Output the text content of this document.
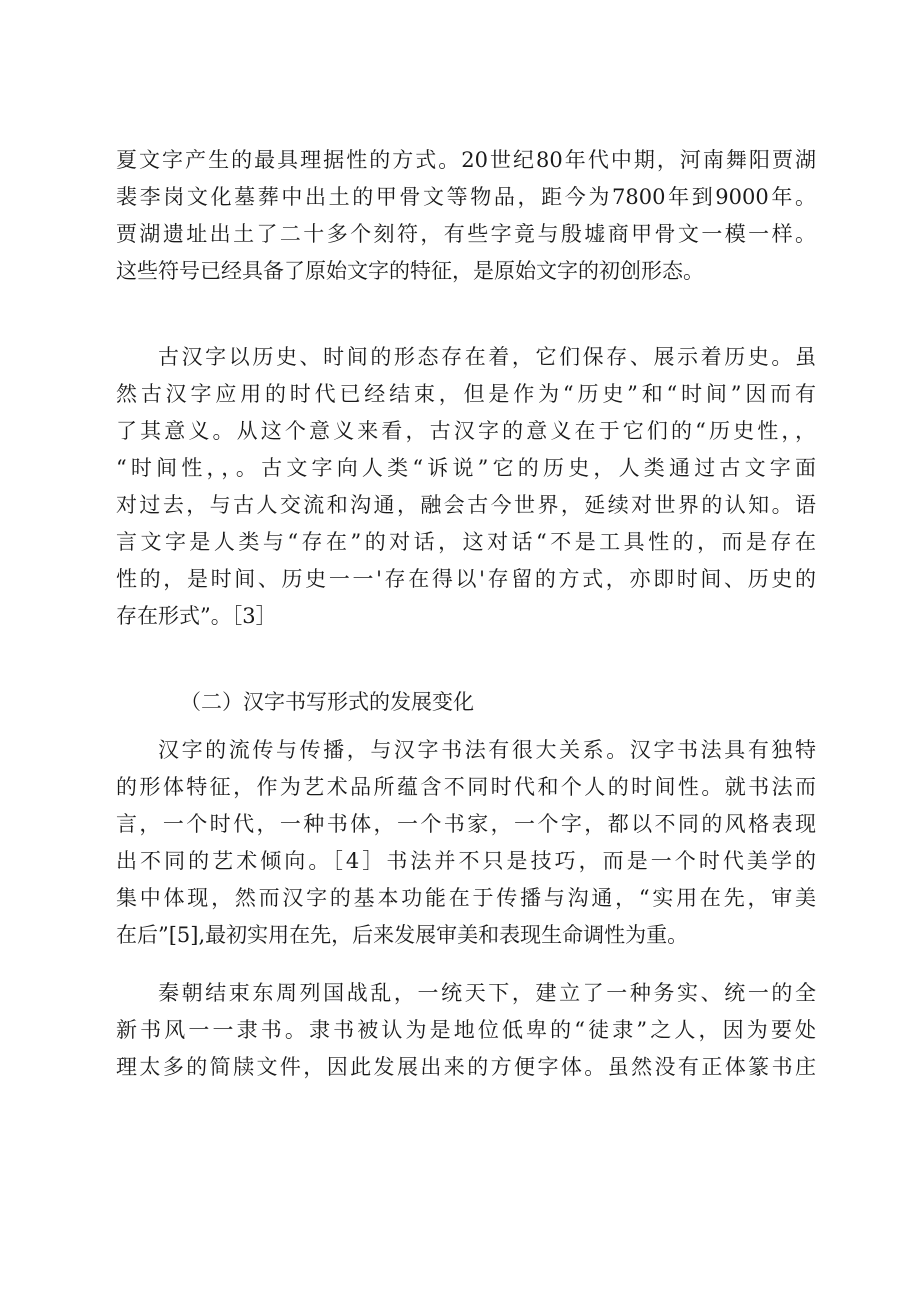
夏文字产生的最具理据性的方式。20世纪80年代中期，河南舞阳贾湖
裴李岗文化墓葬中出土的甲骨文等物品，距今为7800年到9000年。
贾湖遗址出土了二十多个刻符，有些字竟与殷墟商甲骨文一模一样。
这些符号已经具备了原始文字的特征，是原始文字的初创形态。
古汉字以历史、时间的形态存在着，它们保存、展示着历史。虽
然古汉字应用的时代已经结束，但是作为“历史”和“时间”因而有
了其意义。从这个意义来看，古汉字的意义在于它们的“历史性，，
“时间性，，。古文字向人类“诉说”它的历史，人类通过古文字面
对过去，与古人交流和沟通，融会古今世界，延续对世界的认知。语
言文字是人类与“存在”的对话，这对话“不是工具性的，而是存在
性的，是时间、历史一一'存在得以'存留的方式，亦即时间、历史的
存在形式”。［3］
（二）汉字书写形式的发展变化
汉字的流传与传播，与汉字书法有很大关系。汉字书法具有独特
的形体特征，作为艺术品所蕴含不同时代和个人的时间性。就书法而
言，一个时代，一种书体，一个书家，一个字，都以不同的风格表现
出不同的艺术倾向。［4］书法并不只是技巧，而是一个时代美学的
集中体现，然而汉字的基本功能在于传播与沟通，“实用在先，审美
在后”[5],最初实用在先，后来发展审美和表现生命调性为重。
秦朝结束东周列国战乱，一统天下，建立了一种务实、统一的全
新书风一一隶书。隶书被认为是地位低卑的“徒隶”之人，因为要处
理太多的简牍文件，因此发展出来的方便字体。虽然没有正体篆书庄
